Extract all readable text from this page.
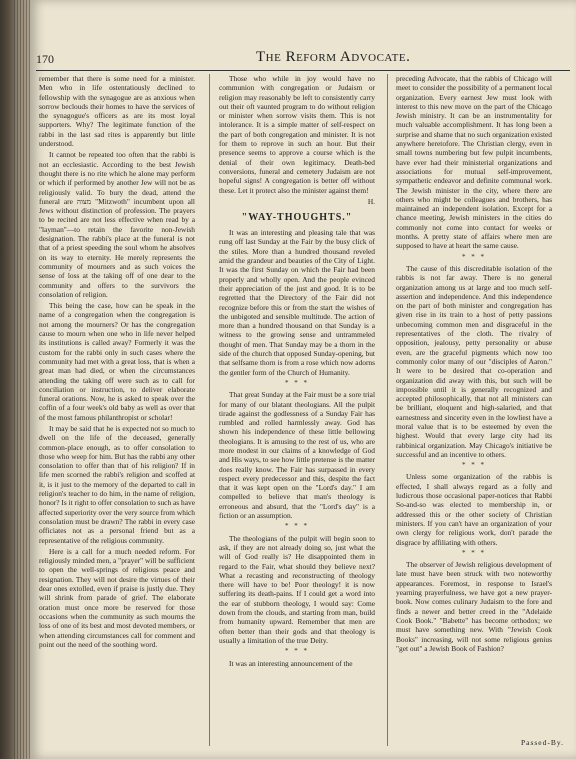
170	The Reform Advocate.

remember that there is some need for a minister. Men who in life ostentatiously declined to fellowship with the synagogue are as anxious when sorrow beclouds their homes to have the services of the synagogue's officers as are its most loyal supporters. Why? The legitimate function of the rabbi in the last sad rites is apparently but little understood.

It cannot be repeated too often that the rabbi is not an ecclesiastic. According to the best Jewish thought there is no rite which he alone may perform or which if performed by another Jew will not be as religiously valid. To bury the dead, attend the funeral are מצוה "Mitzwoth" incumbent upon all Jews without distinction of profession. The prayers to be recited are not less effective when read by a "layman"—to retain the favorite non-Jewish designation. The rabbi's place at the funeral is not that of a priest speeding the soul whom he absolves on its way to eternity. He merely represents the community of mourners and as such voices the sense of loss at the taking off of one dear to the community and offers to the survivors the consolation of religion.

This being the case, how can he speak in the name of a congregation when the congregation is not among the mourners? Or has the congregation cause to mourn when one who in life never helped its institutions is called away? Formerly it was the custom for the rabbi only in such cases where the community had met with a great loss, that is when a great man had died, or when the circumstances attending the taking off were such as to call for conciliation or instruction, to deliver elaborate funeral orations. Now, he is asked to speak over the coffin of a four week's old baby as well as over that of the most famous philanthropist or scholar!

It may be said that he is expected not so much to dwell on the life of the deceased, generally common-place enough, as to offer consolation to those who weep for him. But has the rabbi any other consolation to offer than that of his religion? If in life men scorned the rabbi's religion and scoffed at it, is it just to the memory of the departed to call in religion's teacher to do him, in the name of religion, honor? Is it right to offer consolation to such as have affected superiority over the very source from which consolation must be drawn? The rabbi in every case officiates not as a personal friend but as a representative of the religious community.

Here is a call for a much needed reform. For religiously minded men, a "prayer" will be sufficient to open the well-springs of religious peace and resignation. They will not desire the virtues of their dear ones extolled, even if praise is justly due. They will shrink from parade of grief. The elaborate oration must once more be reserved for those occasions when the community as such mourns the loss of one of its best and most devoted members, or when attending circumstances call for comment and point out the need of the soothing word.

Those who while in joy would have no communion with congregation or Judaism or religion may reasonably be left to consistently carry out their oft vaunted program to do without religion or minister when sorrow visits them. This is not intolerance. It is a simple matter of self-respect on the part of both congregation and minister. It is not for them to reprove in such an hour. But their presence seems to approve a course which is the denial of their own legitimacy. Death-bed conversions, funeral and cemetery Judaism are not hopeful signs! A congregation is better off without these. Let it protect also the minister against them!

H.

"WAY-THOUGHTS."

It was an interesting and pleasing tale that was rung off last Sunday at the Fair by the busy click of the stiles. More than a hundred thousand reveled amid the grandeur and beauties of the City of Light. It was the first Sunday on which the Fair had been properly and wholly open. And the people evinced their appreciation of the just and good. It is to be regretted that the Directory of the Fair did not recognize before this or from the start the wishes of the unbigoted and sensible multitude. The action of more than a hundred thousand on that Sunday is a witness to the growing sense and untrammeled thought of men. That Sunday may be a thorn in the side of the church that opposed Sunday-opening, but that selfsame thorn is from a rose which now adorns the gentler form of the Church of Humanity.

* * *

That great Sunday at the Fair must be a sore trial for many of our blatant theologians. All the pulpit tirade against the godlessness of a Sunday Fair has rumbled and rolled harmlessly away. God has shown his independence of these little bellowing theologians. It is amusing to the rest of us, who are more modest in our claims of a knowledge of God and His ways, to see how little pretense is the matter does really know. The Fair has surpassed in every respect every predecessor and this, despite the fact that it was kept open on the "Lord's day." I am compelled to believe that man's theology is erroneous and absurd, that the "Lord's day" is a fiction or an assumption.

* * *

The theologians of the pulpit will begin soon to ask, if they are not already doing so, just what the will of God really is? He disappointed them in regard to the Fair, what should they believe next? What a recasting and reconstructing of theology there will have to be! Poor theology! it is now suffering its death-pains. If I could get a word into the ear of stubborn theology, I would say: Come down from the clouds, and starting from man, build from humanity upward. Remember that men are often better than their gods and that theology is usually a limitation of the true Deity.

* * *

It was an interesting announcement of the

preceding Advocate, that the rabbis of Chicago will meet to consider the possibility of a permanent local organization. Every earnest Jew must look with interest to this new move on the part of the Chicago Jewish ministry. It can be an instrumentality for much valuable accomplishment. It has long been a surprise and shame that no such organization existed anywhere heretofore. The Christian clergy, even in small towns numbering but few pulpit incumbents, have ever had their ministerial organizations and associations for mutual self-improvement, sympathetic endeavor and definite communal work. The Jewish minister in the city, where there are others who might be colleagues and brothers, has maintained an independent isolation. Except for a chance meeting, Jewish ministers in the cities do commonly not come into contact for weeks or months. A pretty state of affairs where men are supposed to have at heart the same cause.

* * *

The cause of this discreditable isolation of the rabbis is not far away. There is no general organization among us at large and too much self-assertion and independence. And this independence on the part of both minister and congregation has given rise in its train to a host of petty passions unbecoming common men and disgraceful in the representatives of the cloth. The rivalry of opposition, jealousy, petty personality or abuse even, are the graceful pigments which now too commonly color many of our "disciples of Aaron." It were to be desired that co-operation and organization did away with this, but such will be impossible until it is generally recognized and accepted philosophically, that not all ministers can be brilliant, eloquent and high-salaried, and that earnestness and sincerity even in the lowliest have a moral value that is to be esteemed by even the highest. Would that every large city had its rabbinical organization. May Chicago's initiative be successful and an incentive to others.

* * *

Unless some organization of the rabbis is effected, I shall always regard as a folly and ludicrous those occasional paper-notices that Rabbi So-and-so was elected to membership in, or addressed this or the other society of Christian ministers. If you can't have an organization of your own clergy for religious work, don't parade the disgrace by affiliating with others.

* * *

The observer of Jewish religious development of late must have been struck with two noteworthy appearances. Foremost, in response to Israel's yearning prayerfulness, we have got a new prayer-book. Now comes culinary Judaism to the fore and finds a newer and better creed in the "Adelaide Cook Book." "Babette" has become orthodox; we must have something new. With "Jewish Cook Books" increasing, will not some religious genius "get out" a Jewish Book of Fashion?

Passed-By.
